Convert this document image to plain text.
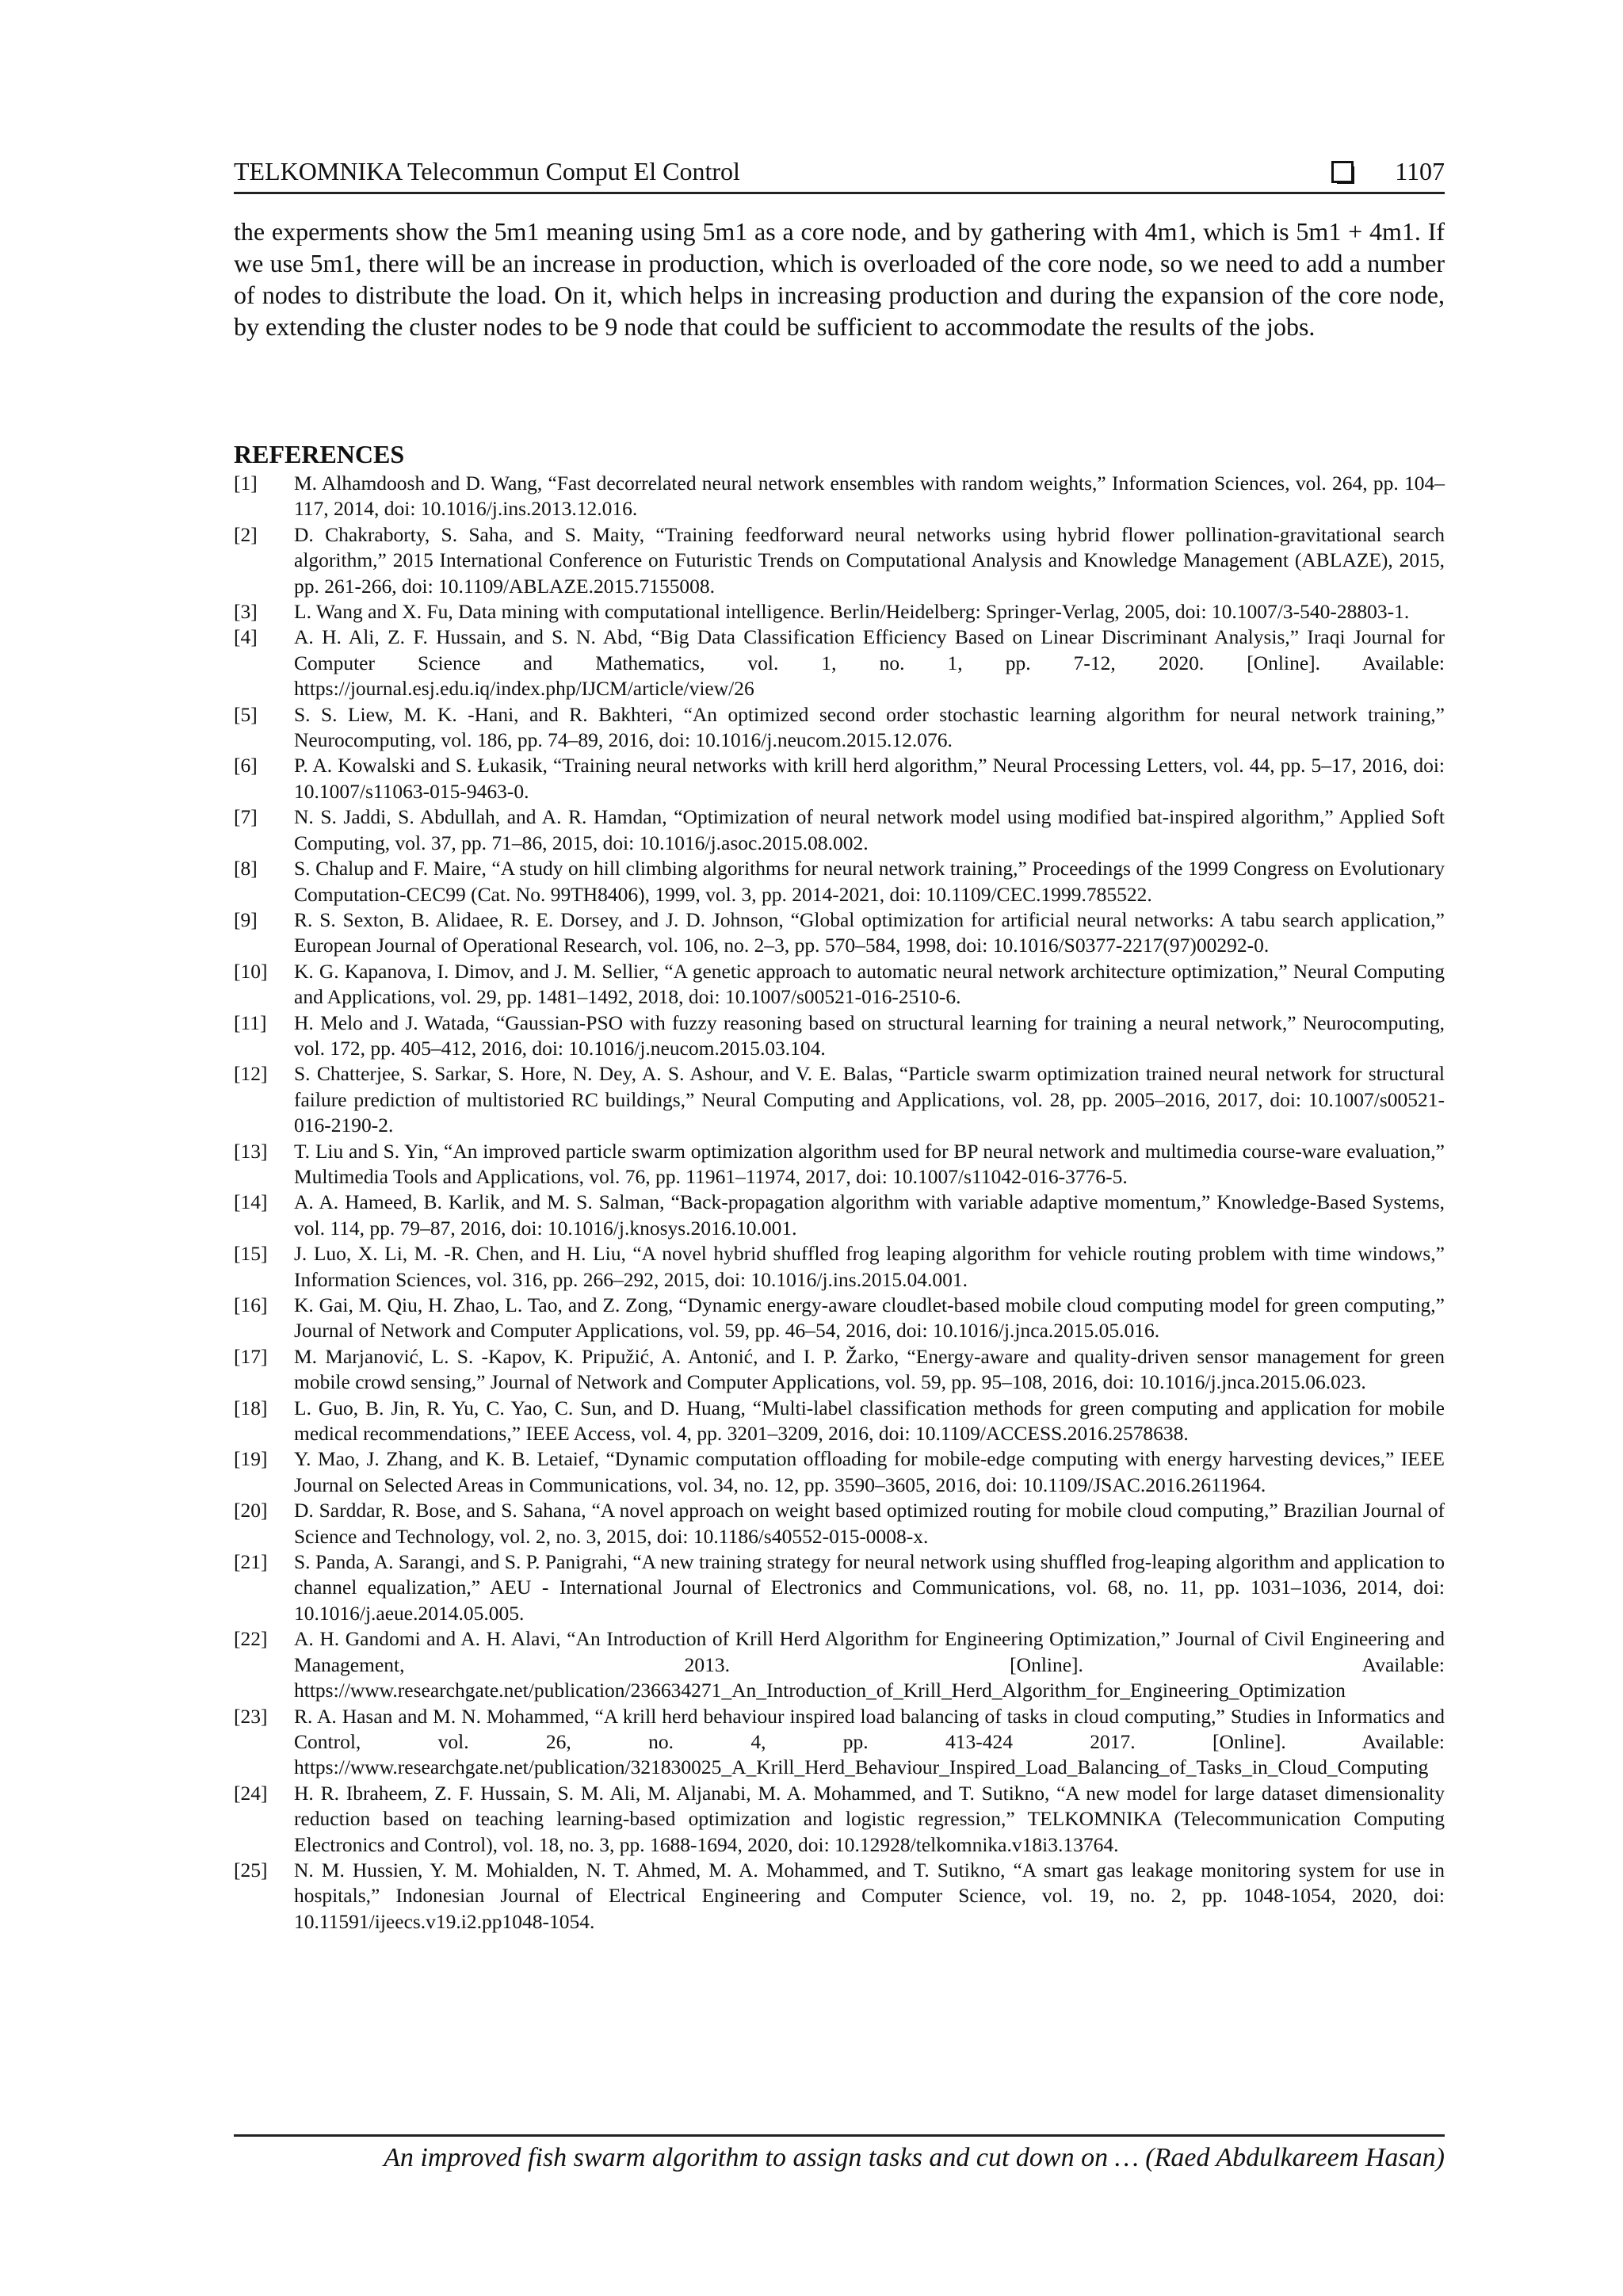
TELKOMNIKA Telecommun Comput El Control	1107
the experments show the 5m1 meaning using 5m1 as a core node, and by gathering with 4m1, which is 5m1 + 4m1. If we use 5m1, there will be an increase in production, which is overloaded of the core node, so we need to add a number of nodes to distribute the load. On it, which helps in increasing production and during the expansion of the core node, by extending the cluster nodes to be 9 node that could be sufficient to accommodate the results of the jobs.
REFERENCES
[1]	M. Alhamdoosh and D. Wang, “Fast decorrelated neural network ensembles with random weights,” Information Sciences, vol. 264, pp. 104–117, 2014, doi: 10.1016/j.ins.2013.12.016.
[2]	D. Chakraborty, S. Saha, and S. Maity, “Training feedforward neural networks using hybrid flower pollination-gravitational search algorithm,” 2015 International Conference on Futuristic Trends on Computational Analysis and Knowledge Management (ABLAZE), 2015, pp. 261-266, doi: 10.1109/ABLAZE.2015.7155008.
[3]	L. Wang and X. Fu, Data mining with computational intelligence. Berlin/Heidelberg: Springer-Verlag, 2005, doi: 10.1007/3-540-28803-1.
[4]	A. H. Ali, Z. F. Hussain, and S. N. Abd, “Big Data Classification Efficiency Based on Linear Discriminant Analysis,” Iraqi Journal for Computer Science and Mathematics, vol. 1, no. 1, pp. 7-12, 2020. [Online]. Available: https://journal.esj.edu.iq/index.php/IJCM/article/view/26
[5]	S. S. Liew, M. K. -Hani, and R. Bakhteri, “An optimized second order stochastic learning algorithm for neural network training,” Neurocomputing, vol. 186, pp. 74–89, 2016, doi: 10.1016/j.neucom.2015.12.076.
[6]	P. A. Kowalski and S. Łukasik, “Training neural networks with krill herd algorithm,” Neural Processing Letters, vol. 44, pp. 5–17, 2016, doi: 10.1007/s11063-015-9463-0.
[7]	N. S. Jaddi, S. Abdullah, and A. R. Hamdan, “Optimization of neural network model using modified bat-inspired algorithm,” Applied Soft Computing, vol. 37, pp. 71–86, 2015, doi: 10.1016/j.asoc.2015.08.002.
[8]	S. Chalup and F. Maire, “A study on hill climbing algorithms for neural network training,” Proceedings of the 1999 Congress on Evolutionary Computation-CEC99 (Cat. No. 99TH8406), 1999, vol. 3, pp. 2014-2021, doi: 10.1109/CEC.1999.785522.
[9]	R. S. Sexton, B. Alidaee, R. E. Dorsey, and J. D. Johnson, “Global optimization for artificial neural networks: A tabu search application,” European Journal of Operational Research, vol. 106, no. 2–3, pp. 570–584, 1998, doi: 10.1016/S0377-2217(97)00292-0.
[10]	K. G. Kapanova, I. Dimov, and J. M. Sellier, “A genetic approach to automatic neural network architecture optimization,” Neural Computing and Applications, vol. 29, pp. 1481–1492, 2018, doi: 10.1007/s00521-016-2510-6.
[11]	H. Melo and J. Watada, “Gaussian-PSO with fuzzy reasoning based on structural learning for training a neural network,” Neurocomputing, vol. 172, pp. 405–412, 2016, doi: 10.1016/j.neucom.2015.03.104.
[12]	S. Chatterjee, S. Sarkar, S. Hore, N. Dey, A. S. Ashour, and V. E. Balas, “Particle swarm optimization trained neural network for structural failure prediction of multistoried RC buildings,” Neural Computing and Applications, vol. 28, pp. 2005–2016, 2017, doi: 10.1007/s00521-016-2190-2.
[13]	T. Liu and S. Yin, “An improved particle swarm optimization algorithm used for BP neural network and multimedia course-ware evaluation,” Multimedia Tools and Applications, vol. 76, pp. 11961–11974, 2017, doi: 10.1007/s11042-016-3776-5.
[14]	A. A. Hameed, B. Karlik, and M. S. Salman, “Back-propagation algorithm with variable adaptive momentum,” Knowledge-Based Systems, vol. 114, pp. 79–87, 2016, doi: 10.1016/j.knosys.2016.10.001.
[15]	J. Luo, X. Li, M. -R. Chen, and H. Liu, “A novel hybrid shuffled frog leaping algorithm for vehicle routing problem with time windows,” Information Sciences, vol. 316, pp. 266–292, 2015, doi: 10.1016/j.ins.2015.04.001.
[16]	K. Gai, M. Qiu, H. Zhao, L. Tao, and Z. Zong, “Dynamic energy-aware cloudlet-based mobile cloud computing model for green computing,” Journal of Network and Computer Applications, vol. 59, pp. 46–54, 2016, doi: 10.1016/j.jnca.2015.05.016.
[17]	M. Marjanović, L. S. -Kapov, K. Pripužić, A. Antonić, and I. P. Žarko, “Energy-aware and quality-driven sensor management for green mobile crowd sensing,” Journal of Network and Computer Applications, vol. 59, pp. 95–108, 2016, doi: 10.1016/j.jnca.2015.06.023.
[18]	L. Guo, B. Jin, R. Yu, C. Yao, C. Sun, and D. Huang, “Multi-label classification methods for green computing and application for mobile medical recommendations,” IEEE Access, vol. 4, pp. 3201–3209, 2016, doi: 10.1109/ACCESS.2016.2578638.
[19]	Y. Mao, J. Zhang, and K. B. Letaief, “Dynamic computation offloading for mobile-edge computing with energy harvesting devices,” IEEE Journal on Selected Areas in Communications, vol. 34, no. 12, pp. 3590–3605, 2016, doi: 10.1109/JSAC.2016.2611964.
[20]	D. Sarddar, R. Bose, and S. Sahana, “A novel approach on weight based optimized routing for mobile cloud computing,” Brazilian Journal of Science and Technology, vol. 2, no. 3, 2015, doi: 10.1186/s40552-015-0008-x.
[21]	S. Panda, A. Sarangi, and S. P. Panigrahi, “A new training strategy for neural network using shuffled frog-leaping algorithm and application to channel equalization,” AEU - International Journal of Electronics and Communications, vol. 68, no. 11, pp. 1031–1036, 2014, doi: 10.1016/j.aeue.2014.05.005.
[22]	A. H. Gandomi and A. H. Alavi, “An Introduction of Krill Herd Algorithm for Engineering Optimization,” Journal of Civil Engineering and Management, 2013. [Online]. Available: https://www.researchgate.net/publication/236634271_An_Introduction_of_Krill_Herd_Algorithm_for_Engineering_Optimization
[23]	R. A. Hasan and M. N. Mohammed, “A krill herd behaviour inspired load balancing of tasks in cloud computing,” Studies in Informatics and Control, vol. 26, no. 4, pp. 413-424 2017. [Online]. Available: https://www.researchgate.net/publication/321830025_A_Krill_Herd_Behaviour_Inspired_Load_Balancing_of_Tasks_in_Cloud_Computing
[24]	H. R. Ibraheem, Z. F. Hussain, S. M. Ali, M. Aljanabi, M. A. Mohammed, and T. Sutikno, “A new model for large dataset dimensionality reduction based on teaching learning-based optimization and logistic regression,” TELKOMNIKA (Telecommunication Computing Electronics and Control), vol. 18, no. 3, pp. 1688-1694, 2020, doi: 10.12928/telkomnika.v18i3.13764.
[25]	N. M. Hussien, Y. M. Mohialden, N. T. Ahmed, M. A. Mohammed, and T. Sutikno, “A smart gas leakage monitoring system for use in hospitals,” Indonesian Journal of Electrical Engineering and Computer Science, vol. 19, no. 2, pp. 1048-1054, 2020, doi: 10.11591/ijeecs.v19.i2.pp1048-1054.
An improved fish swarm algorithm to assign tasks and cut down on … (Raed Abdulkareem Hasan)
